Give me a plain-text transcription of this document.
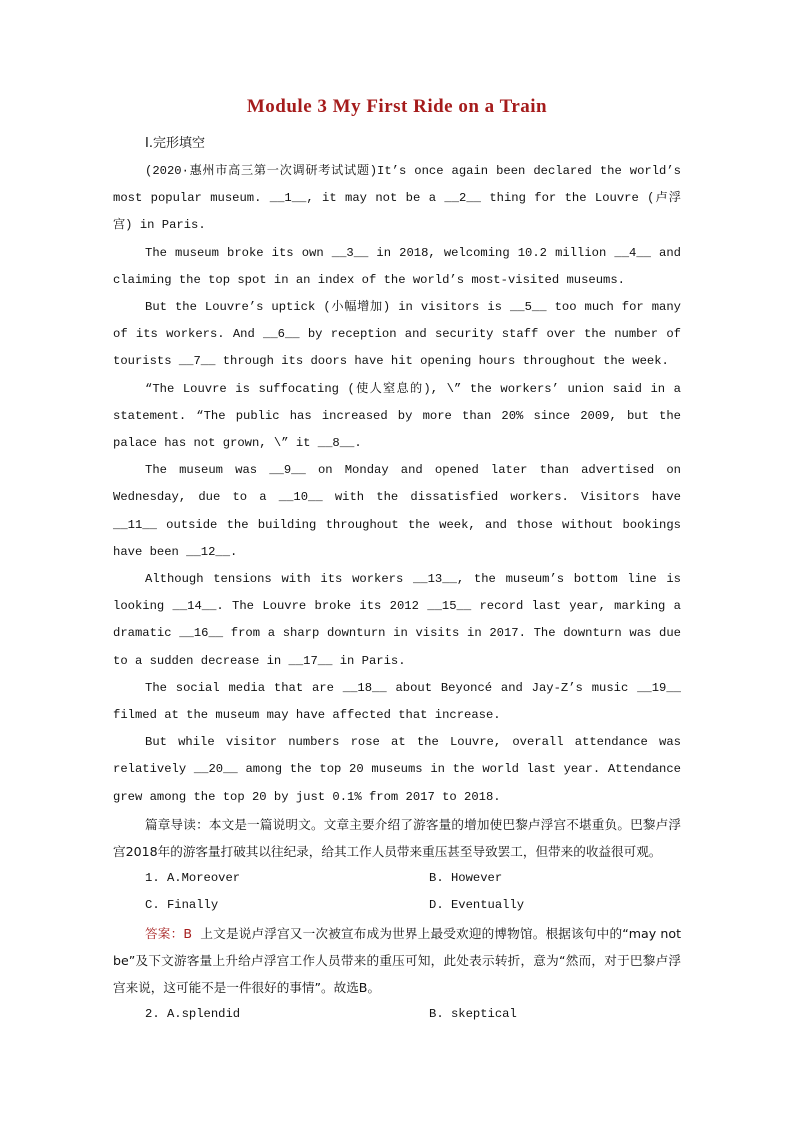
Module 3 My First Ride on a Train
Ⅰ.完形填空

(2020·惠州市高三第一次调研考试试题)It’s once again been declared the world’s most popular museum. __1__, it may not be a __2__ thing for the Louvre (卢浮宫) in Paris.

The museum broke its own __3__ in 2018, welcoming 10.2 million __4__ and claiming the top spot in an index of the world’s most-visited museums.

But the Louvre’s uptick (小幅增加) in visitors is __5__ too much for many of its workers. And __6__ by reception and security staff over the number of tourists __7__ through its doors have hit opening hours throughout the week.

“The Louvre is suffocating (使人窒息的), \” the workers’ union said in a statement. “The public has increased by more than 20% since 2009, but the palace has not grown, \” it __8__.

The museum was __9__ on Monday and opened later than advertised on Wednesday, due to a __10__ with the dissatisfied workers. Visitors have __11__ outside the building throughout the week, and those without bookings have been __12__.

Although tensions with its workers __13__, the museum’s bottom line is looking __14__. The Louvre broke its 2012 __15__ record last year, marking a dramatic __16__ from a sharp downturn in visits in 2017. The downturn was due to a sudden decrease in __17__ in Paris.

The social media that are __18__ about Beyoncé and Jay-Z’s music __19__ filmed at the museum may have affected that increase.

But while visitor numbers rose at the Louvre, overall attendance was relatively __20__ among the top 20 museums in the world last year. Attendance grew among the top 20 by just 0.1% from 2017 to 2018.

篇章导读：本文是一篇说明文。文章主要介绍了游客量的增加使巴黎卢浮宫不堪重负。巴黎卢浮宫2018年的游客量打破其以往纪录，给其工作人员带来重压甚至导致罢工，但带来的收益很可观。

1. A.Moreover	B. However
C. Finally	D. Eventually

答案：B 上文是说卢浮宫又一次被宣布成为世界上最受欢迎的博物馆。根据该句中的“may not be”及下文游客量上升给卢浮宫工作人员带来的重压可知，此处表示转折，意为“然而，对于巴黎卢浮宫来说，这可能不是一件很好的事情”。故选B。

2. A.splendid	B. skeptical
